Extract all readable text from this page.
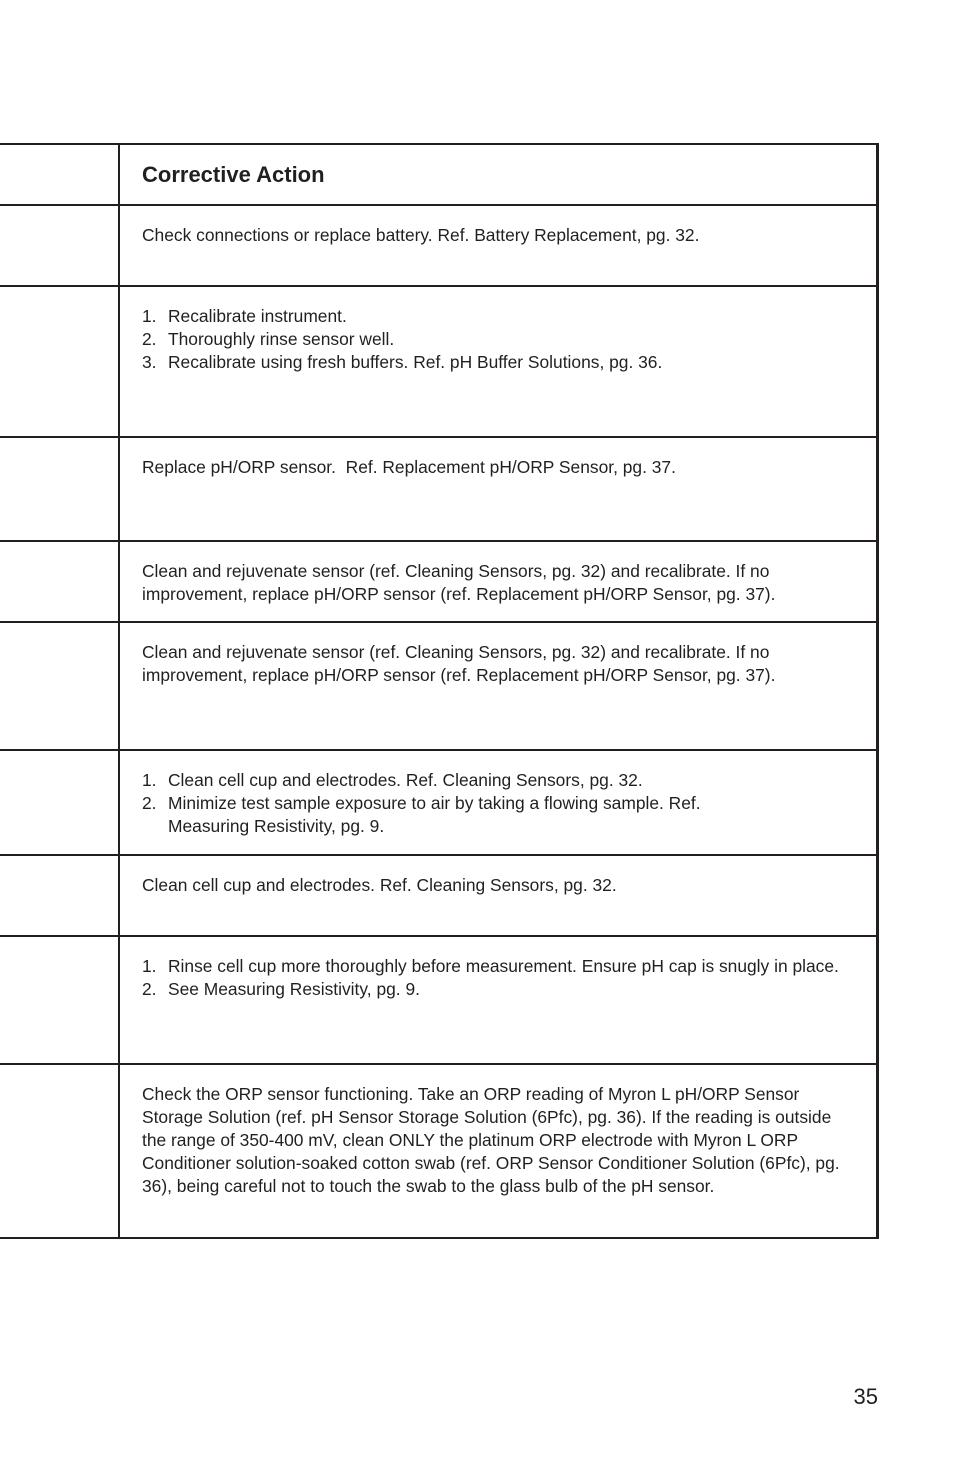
Corrective Action
Check connections or replace battery. Ref. Battery Replacement, pg. 32.
1. Recalibrate instrument.
2. Thoroughly rinse sensor well.
3. Recalibrate using fresh buffers. Ref. pH Buffer Solutions, pg. 36.
Replace pH/ORP sensor.  Ref. Replacement pH/ORP Sensor, pg. 37.
Clean and rejuvenate sensor (ref. Cleaning Sensors, pg. 32) and recalibrate. If no improvement, replace pH/ORP sensor (ref. Replacement pH/ORP Sensor, pg. 37).
Clean and rejuvenate sensor (ref. Cleaning Sensors, pg. 32) and recalibrate. If no improvement, replace pH/ORP sensor (ref. Replacement pH/ORP Sensor, pg. 37).
1. Clean cell cup and electrodes. Ref. Cleaning Sensors, pg. 32.
2. Minimize test sample exposure to air by taking a flowing sample. Ref. Measuring Resistivity, pg. 9.
Clean cell cup and electrodes. Ref. Cleaning Sensors, pg. 32.
1. Rinse cell cup more thoroughly before measurement. Ensure pH cap is snugly in place.
2. See Measuring Resistivity, pg. 9.
Check the ORP sensor functioning. Take an ORP reading of Myron L pH/ORP Sensor Storage Solution (ref. pH Sensor Storage Solution (6Pfc), pg. 36). If the reading is outside the range of 350-400 mV, clean ONLY the platinum ORP electrode with Myron L ORP Conditioner solution-soaked cotton swab (ref. ORP Sensor Conditioner Solution (6Pfc), pg. 36), being careful not to touch the swab to the glass bulb of the pH sensor.
35
